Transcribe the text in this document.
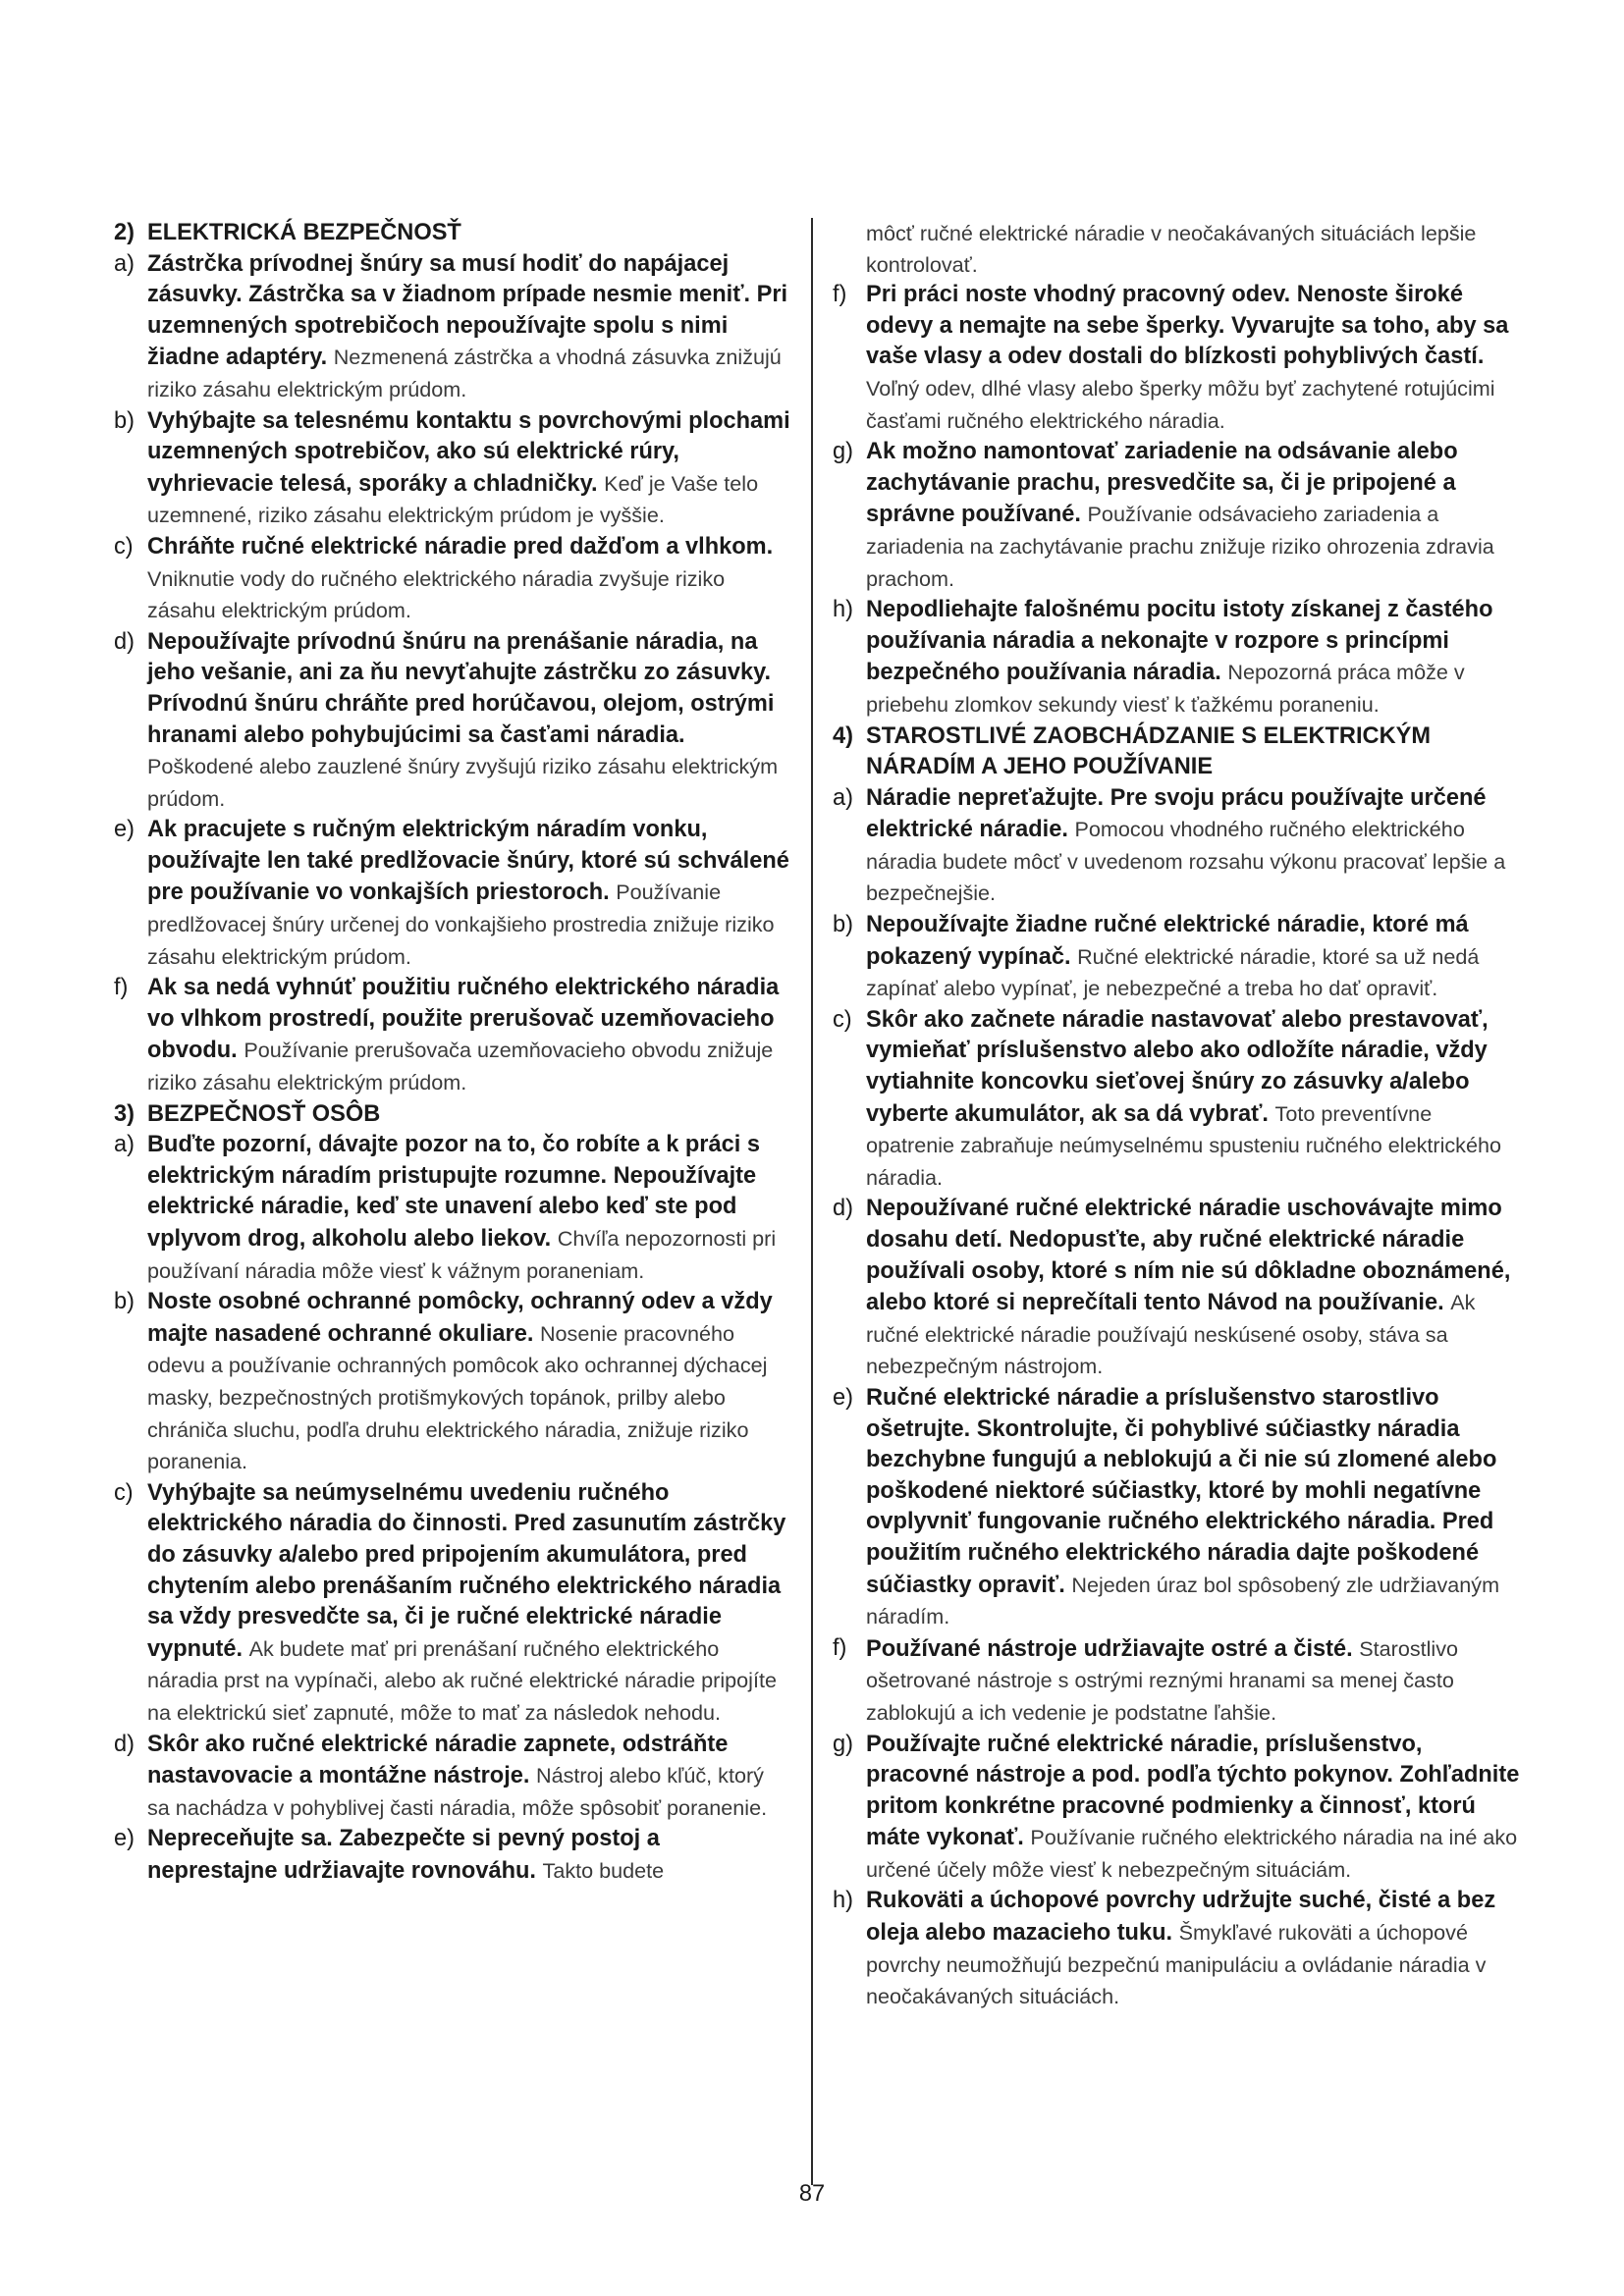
2) ELEKTRICKÁ BEZPEČNOSŤ
a) Zástrčka prívodnej šnúry sa musí hodiť do napájacej zásuvky. Zástrčka sa v žiadnom prípade nesmie meniť. Pri uzemnených spotrebičoch nepoužívajte spolu s nimi žiadne adaptéry. Nezmenená zástrčka a vhodná zásuvka znižujú riziko zásahu elektrickým prúdom.
b) Vyhýbajte sa telesnému kontaktu s povrchovými plochami uzemnených spotrebičov, ako sú elektrické rúry, vyhrievacie telesá, sporáky a chladničky. Keď je Vaše telo uzemnené, riziko zásahu elektrickým prúdom je vyššie.
c) Chráňte ručné elektrické náradie pred dažďom a vlhkom. Vniknutie vody do ručného elektrického náradia zvyšuje riziko zásahu elektrickým prúdom.
d) Nepoužívajte prívodnú šnúru na prenášanie náradia, na jeho vešanie, ani za ňu nevyťahujte zástrčku zo zásuvky. Prívodnú šnúru chráňte pred horúčavou, olejom, ostrými hranami alebo pohybujúcimi sa časťami náradia. Poškodené alebo zauzlené šnúry zvyšujú riziko zásahu elektrickým prúdom.
e) Ak pracujete s ručným elektrickým náradím vonku, používajte len také predlžovacie šnúry, ktoré sú schválené pre používanie vo vonkajších priestoroch. Používanie predlžovacej šnúry určenej do vonkajšieho prostredia znižuje riziko zásahu elektrickým prúdom.
f) Ak sa nedá vyhnúť použitiu ručného elektrického náradia vo vlhkom prostredí, použite prerušovač uzemňovacieho obvodu. Používanie prerušovača uzemňovacieho obvodu znižuje riziko zásahu elektrickým prúdom.
3) BEZPEČNOSŤ OSÔB
a) Buďte pozorní, dávajte pozor na to, čo robíte a k práci s elektrickým náradím pristupujte rozumne. Nepoužívajte elektrické náradie, keď ste unavení alebo keď ste pod vplyvom drog, alkoholu alebo liekov. Chvíľa nepozornosti pri používaní náradia môže viesť k vážnym poraneniam.
b) Noste osobné ochranné pomôcky, ochranný odev a vždy majte nasadené ochranné okuliare. Nosenie pracovného odevu a používanie ochranných pomôcok ako ochrannej dýchacej masky, bezpečnostných protišmykových topánok, prilby alebo chrániča sluchu, podľa druhu elektrického náradia, znižuje riziko poranenia.
c) Vyhýbajte sa neúmyselnému uvedeniu ručného elektrického náradia do činnosti. Pred zasunutím zástrčky do zásuvky a/alebo pred pripojením akumulátora, pred chytením alebo prenášaním ručného elektrického náradia sa vždy presvedčte sa, či je ručné elektrické náradie vypnuté. Ak budete mať pri prenášaní ručného elektrického náradia prst na vypínači, alebo ak ručné elektrické náradie pripojíte na elektrickú sieť zapnuté, môže to mať za následok nehodu.
d) Skôr ako ručné elektrické náradie zapnete, odstráňte nastavovacie a montážne nástroje. Nástroj alebo kľúč, ktorý sa nachádza v pohyblivej časti náradia, môže spôsobiť poranenie.
e) Nepreceňujte sa. Zabezpečte si pevný postoj a neprestajne udržiavajte rovnováhu. Takto budete

môcť ručné elektrické náradie v neočakávaných situáciách lepšie kontrolovať.

f) Pri práci noste vhodný pracovný odev. Nenoste široké odevy a nemajte na sebe šperky. Vyvarujte sa toho, aby sa vaše vlasy a odev dostali do blízkosti pohyblivých častí. Voľný odev, dlhé vlasy alebo šperky môžu byť zachytené rotujúcimi časťami ručného elektrického náradia.
g) Ak možno namontovať zariadenie na odsávanie alebo zachytávanie prachu, presvedčite sa, či je pripojené a správne používané. Používanie odsávacieho zariadenia a zariadenia na zachytávanie prachu znižuje riziko ohrozenia zdravia prachom.
h) Nepodliehajte falošnému pocitu istoty získanej z častého používania náradia a nekonajte v rozpore s princípmi bezpečného používania náradia. Nepozorná práca môže v priebehu zlomkov sekundy viesť k ťažkému poraneniu.
4) STAROSTLIVÉ ZAOBCHÁDZANIE S ELEKTRICKÝM NÁRADÍM A JEHO POUŽÍVANIE
a) Náradie nepreťažujte. Pre svoju prácu používajte určené elektrické náradie. Pomocou vhodného ručného elektrického náradia budete môcť v uvedenom rozsahu výkonu pracovať lepšie a bezpečnejšie.
b) Nepoužívajte žiadne ručné elektrické náradie, ktoré má pokazený vypínač. Ručné elektrické náradie, ktoré sa už nedá zapínať alebo vypínať, je nebezpečné a treba ho dať opraviť.
c) Skôr ako začnete náradie nastavovať alebo prestavovať, vymieňať príslušenstvo alebo ako odložíte náradie, vždy vytiahnite koncovku sieťovej šnúry zo zásuvky a/alebo vyberte akumulátor, ak sa dá vybrať. Toto preventívne opatrenie zabraňuje neúmyselnému spusteniu ručného elektrického náradia.
d) Nepoužívané ručné elektrické náradie uschovávajte mimo dosahu detí. Nedopusťte, aby ručné elektrické náradie používali osoby, ktoré s ním nie sú dôkladne oboznámené, alebo ktoré si neprečítali tento Návod na používanie. Ak ručné elektrické náradie používajú neskúsené osoby, stáva sa nebezpečným nástrojom.
e) Ručné elektrické náradie a príslušenstvo starostlivo ošetrujte. Skontrolujte, či pohyblivé súčiastky náradia bezchybne fungujú a neblokujú a či nie sú zlomené alebo poškodené niektoré súčiastky, ktoré by mohli negatívne ovplyvniť fungovanie ručného elektrického náradia. Pred použitím ručného elektrického náradia dajte poškodené súčiastky opraviť. Nejeden úraz bol spôsobený zle udržiavaným náradím.
f) Používané nástroje udržiavajte ostré a čisté. Starostlivo ošetrované nástroje s ostrými reznými hranami sa menej často zablokujú a ich vedenie je podstatne ľahšie.
g) Používajte ručné elektrické náradie, príslušenstvo, pracovné nástroje a pod. podľa týchto pokynov. Zohľadnite pritom konkrétne pracovné podmienky a činnosť, ktorú máte vykonať. Používanie ručného elektrického náradia na iné ako určené účely môže viesť k nebezpečným situáciám.
h) Rukoväti a úchopové povrchy udržujte suché, čisté a bez oleja alebo mazacieho tuku. Šmykľavé rukoväti a úchopové povrchy neumožňujú bezpečnú manipuláciu a ovládanie náradia v neočakávaných situáciách.
87
